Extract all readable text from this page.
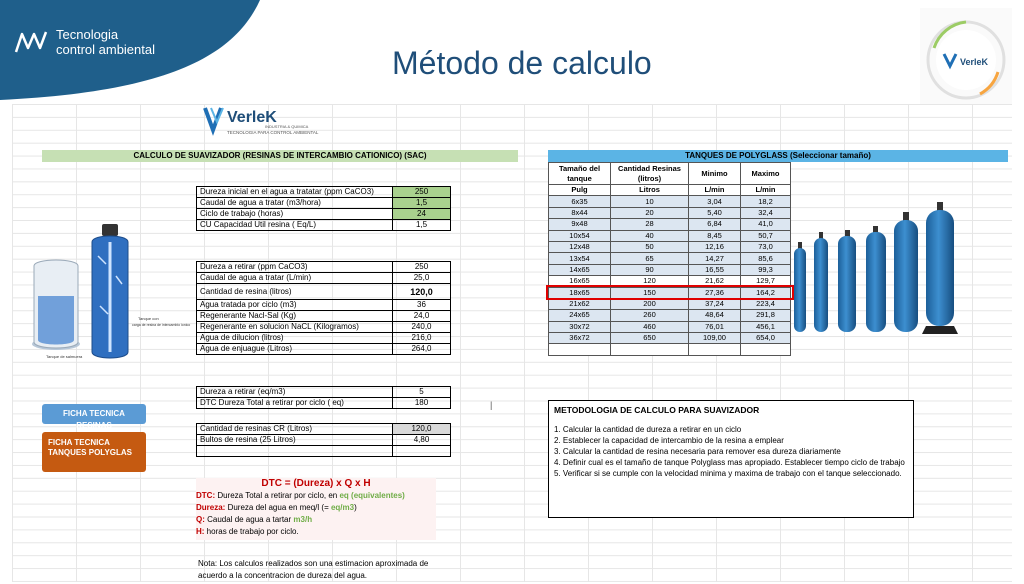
Tecnologia
control ambiental	Método de calculo	VerleK
VerleK
INDUSTRIA & QUIMICA
TECNOLOGIA PARA CONTROL AMBIENTAL
CALCULO DE SUAVIZADOR (RESINAS DE INTERCAMBIO CATIONICO) (SAC)	TANQUES DE POLYGLASS (Seleccionar tamaño)
Dureza inicial en el agua a tratatar (ppm CaCO3)	250
Caudal de agua a tratar (m3/hora)	1,5
Ciclo de trabajo (horas)	24
CU Capacidad Util resina ( Eq/L)	1,5
Dureza a retirar (ppm CaCO3)	250
Caudal de agua a tratar (L/min)	25,0
Cantidad de resina (litros)	120,0
Agua tratada por ciclo (m3)	36
Regenerante Nacl-Sal (Kg)	24,0
Regenerante en solucion NaCL (Kilogramos)	240,0
Agua de dilucion (litros)	216,0
Agua de enjuague (Litros)	264,0
Dureza a retirar (eq/m3)	5
DTC Dureza Total a retirar por ciclo ( eq)	180	|
Cantidad de resinas CR (Litros)	120,0
Bultos de resina (25 Litros)	4,80

Tanque con
carga de resina de intercambio ionico
Tanque de salmuera
FICHA TECNICA RESINAS
FICHA TECNICA
TANQUES POLYGLAS
DTC = (Dureza) x Q x H
DTC: Dureza Total a retirar por ciclo, en eq (equivalentes)
Dureza: Dureza del agua en meq/l (= eq/m3)
Q: Caudal de agua a tartar m3/h
H: horas de trabajo por ciclo.
Nota: Los calculos realizados son una estimacion aproximada de acuerdo a la concentracion de dureza del agua.
Tamaño del tanque	Cantidad Resinas (litros)	Minimo	Maximo
Pulg	Litros	L/min	L/min
6x35	10	3,04	18,2
8x44	20	5,40	32,4
9x48	28	6,84	41,0
10x54	40	8,45	50,7
12x48	50	12,16	73,0
13x54	65	14,27	85,6
14x65	90	16,55	99,3
16x65	120	21,62	129,7
18x65	150	27,36	164,2
21x62	200	37,24	223,4
24x65	260	48,64	291,8
30x72	460	76,01	456,1
36x72	650	109,00	654,0

METODOLOGIA DE CALCULO PARA SUAVIZADOR
1. Calcular la cantidad de dureza a retirar en un ciclo
2. Establecer la capacidad de intercambio de la resina a emplear
3. Calcular la cantidad de resina necesaria para remover esa dureza diariamente
4. Definir cual es el tamaño de tanque Polyglass mas apropiado. Establecer tiempo ciclo de trabajo
5. Verificar si se cumple con la velocidad minima y maxima de trabajo con el tanque seleccionado.
